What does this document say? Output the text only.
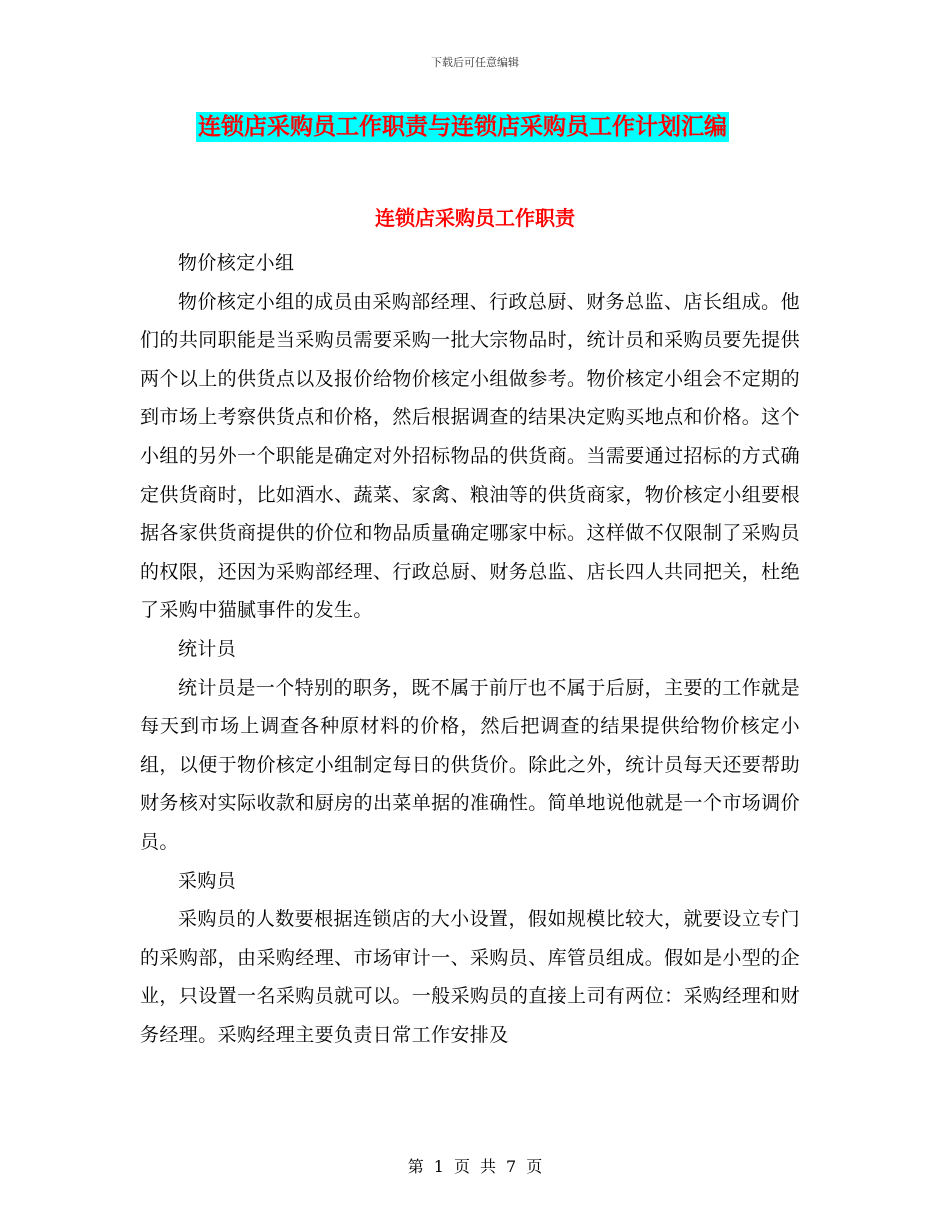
下载后可任意编辑
连锁店采购员工作职责与连锁店采购员工作计划汇编
连锁店采购员工作职责

物价核定小组

物价核定小组的成员由采购部经理、行政总厨、财务总监、店长组成。他们的共同职能是当采购员需要采购一批大宗物品时，统计员和采购员要先提供两个以上的供货点以及报价给物价核定小组做参考。物价核定小组会不定期的到市场上考察供货点和价格，然后根据调查的结果决定购买地点和价格。这个小组的另外一个职能是确定对外招标物品的供货商。当需要通过招标的方式确定供货商时，比如酒水、蔬菜、家禽、粮油等的供货商家，物价核定小组要根据各家供货商提供的价位和物品质量确定哪家中标。这样做不仅限制了采购员的权限，还因为采购部经理、行政总厨、财务总监、店长四人共同把关，杜绝了采购中猫腻事件的发生。

统计员

统计员是一个特别的职务，既不属于前厅也不属于后厨，主要的工作就是每天到市场上调查各种原材料的价格，然后把调查的结果提供给物价核定小组，以便于物价核定小组制定每日的供货价。除此之外，统计员每天还要帮助财务核对实际收款和厨房的出菜单据的准确性。简单地说他就是一个市场调价员。

采购员

采购员的人数要根据连锁店的大小设置，假如规模比较大，就要设立专门的采购部，由采购经理、市场审计一、采购员、库管员组成。假如是小型的企业，只设置一名采购员就可以。一般采购员的直接上司有两位：采购经理和财务经理。采购经理主要负责日常工作安排及

第 1 页 共 7 页
